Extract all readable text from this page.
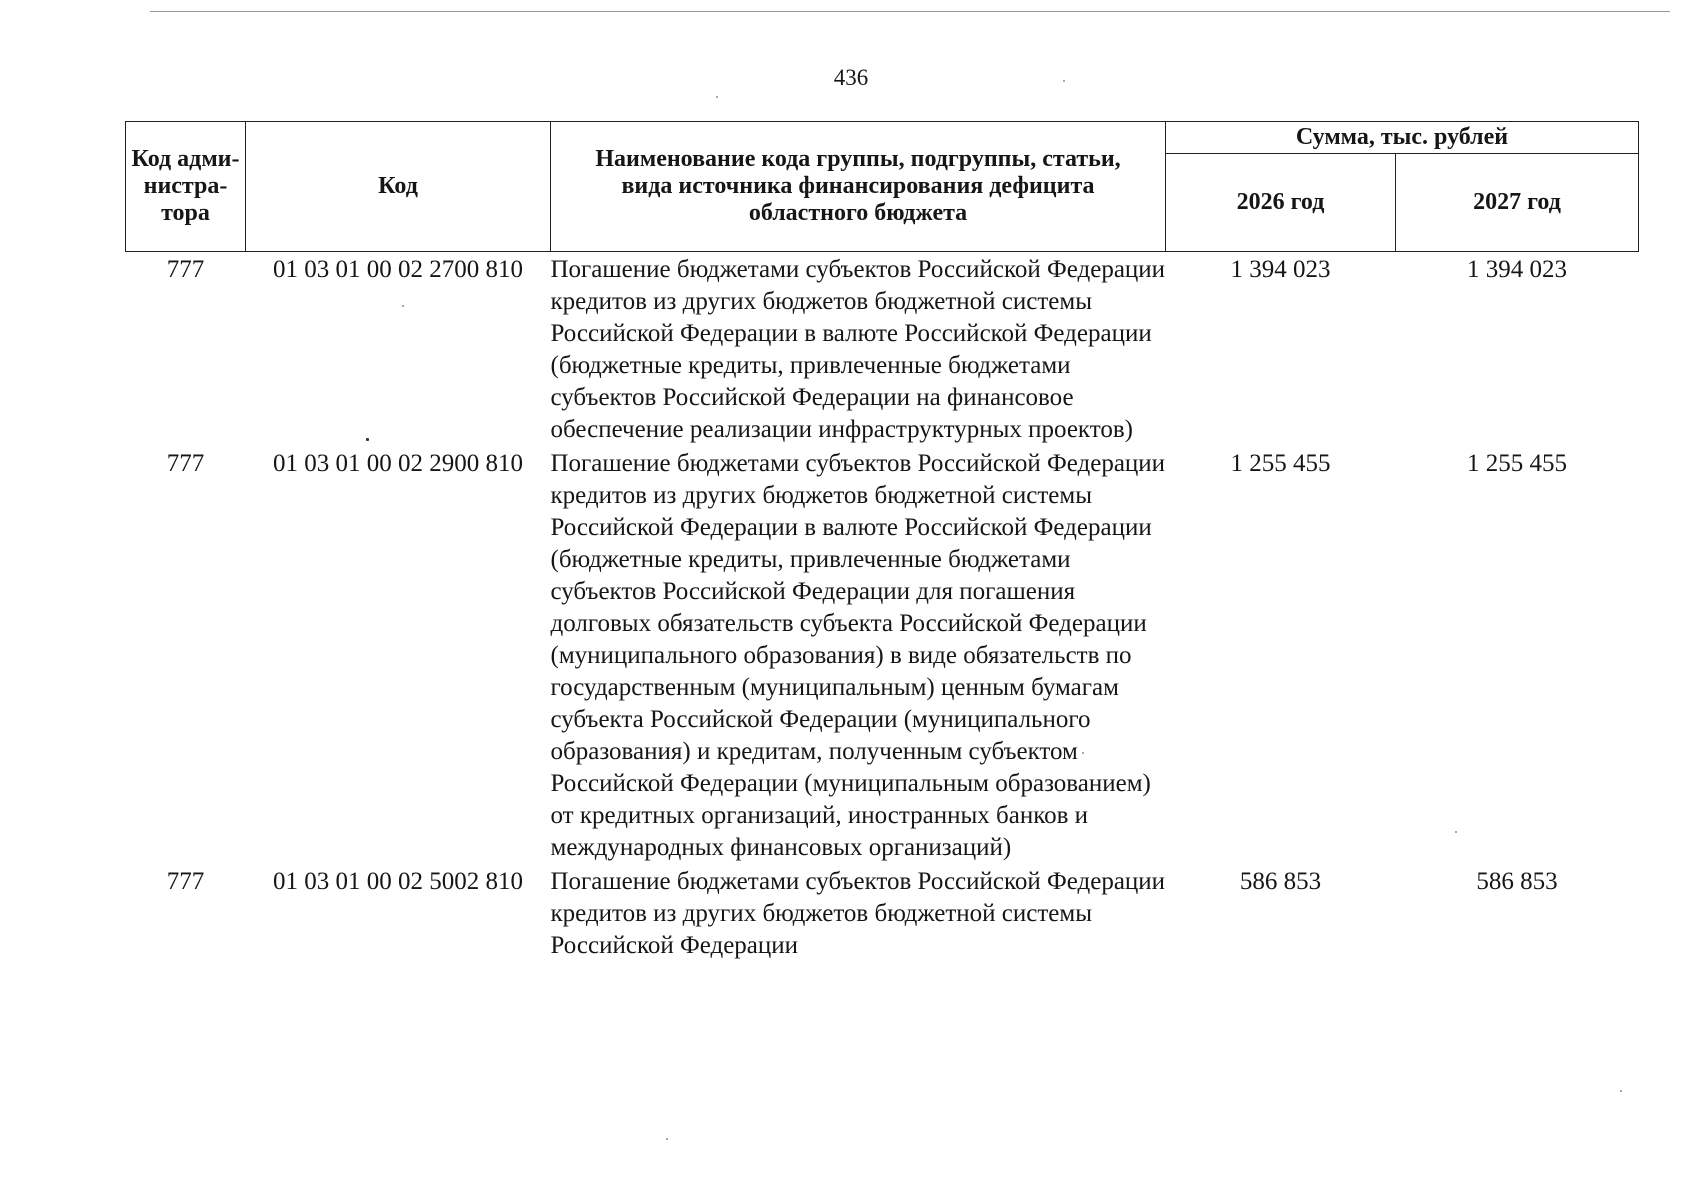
436
Код адми-нистра-тора	Код	Наименование кода группы, подгруппы, статьи, вида источника финансирования дефицита областного бюджета	Сумма, тыс. рублей	
			2026 год	2027 год
777	01 03 01 00 02 2700 810	Погашение бюджетами субъектов Российской Федерации кредитов из других бюджетов бюджетной системы Российской Федерации в валюте Российской Федерации (бюджетные кредиты, привлеченные бюджетами субъектов Российской Федерации на финансовое обеспечение реализации инфраструктурных проектов)	1 394 023	1 394 023
777	01 03 01 00 02 2900 810	Погашение бюджетами субъектов Российской Федерации кредитов из других бюджетов бюджетной системы Российской Федерации в валюте Российской Федерации (бюджетные кредиты, привлеченные бюджетами субъектов Российской Федерации для погашения долговых обязательств субъекта Российской Федерации (муниципального образования) в виде обязательств по государственным (муниципальным) ценным бумагам субъекта Российской Федерации (муниципального образования) и кредитам, полученным субъектом Российской Федерации (муниципальным образованием) от кредитных организаций, иностранных банков и международных финансовых организаций)	1 255 455	1 255 455
777	01 03 01 00 02 5002 810	Погашение бюджетами субъектов Российской Федерации кредитов из других бюджетов бюджетной системы Российской Федерации	586 853	586 853
